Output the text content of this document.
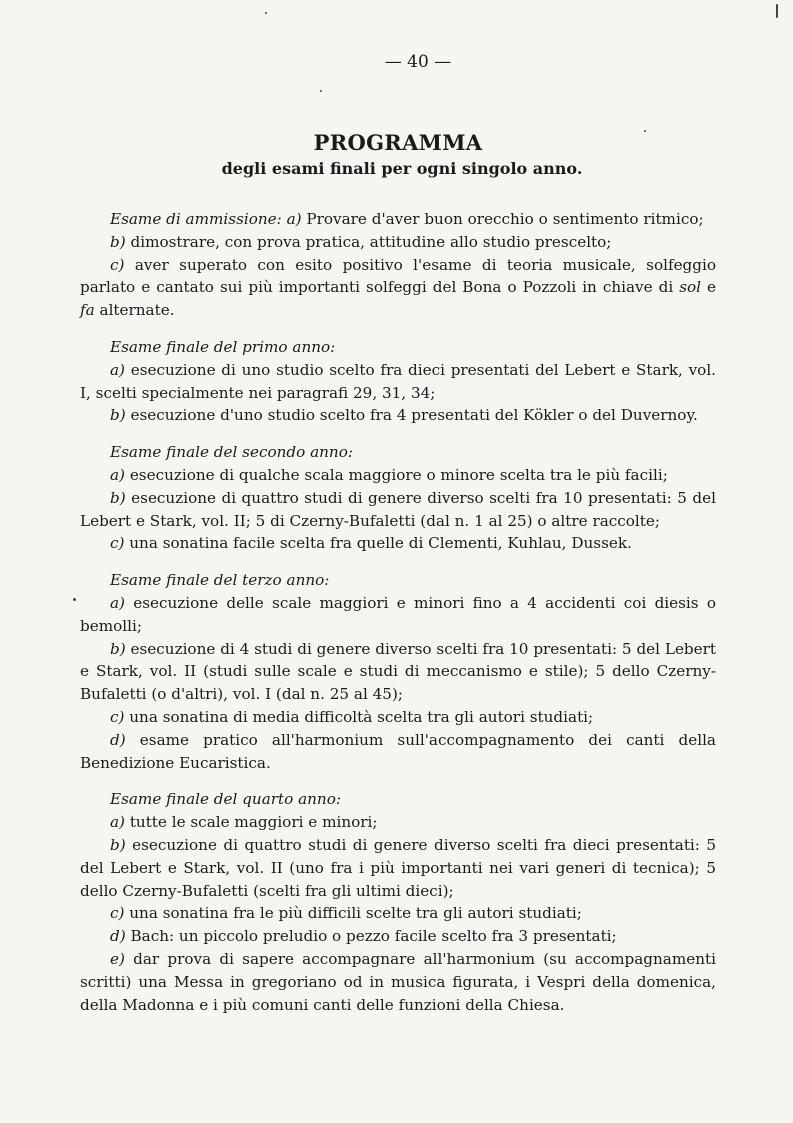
— 40 —
PROGRAMMA
degli esami finali per ogni singolo anno.

Esame di ammissione: a) Provare d'aver buon orecchio o sentimento ritmico;

b) dimostrare, con prova pratica, attitudine allo studio prescelto;

c) aver superato con esito positivo l'esame di teoria musicale, solfeggio parlato e cantato sui più importanti solfeggi del Bona o Pozzoli in chiave di sol e fa alternate.

Esame finale del primo anno:

a) esecuzione di uno studio scelto fra dieci presentati del Lebert e Stark, vol. I, scelti specialmente nei paragrafi 29, 31, 34;

b) esecuzione d'uno studio scelto fra 4 presentati del Kökler o del Duvernoy.

Esame finale del secondo anno:

a) esecuzione di qualche scala maggiore o minore scelta tra le più facili;

b) esecuzione di quattro studi di genere diverso scelti fra 10 presentati: 5 del Lebert e Stark, vol. II; 5 di Czerny-Bufaletti (dal n. 1 al 25) o altre raccolte;

c) una sonatina facile scelta fra quelle di Clementi, Kuhlau, Dussek.

Esame finale del terzo anno:

a) esecuzione delle scale maggiori e minori fino a 4 accidenti coi diesis o bemolli;

b) esecuzione di 4 studi di genere diverso scelti fra 10 presentati: 5 del Lebert e Stark, vol. II (studi sulle scale e studi di meccanismo e stile); 5 dello Czerny-Bufaletti (o d'altri), vol. I (dal n. 25 al 45);

c) una sonatina di media difficoltà scelta tra gli autori studiati;

d) esame pratico all'harmonium sull'accompagnamento dei canti della Benedizione Eucaristica.

Esame finale del quarto anno:

a) tutte le scale maggiori e minori;

b) esecuzione di quattro studi di genere diverso scelti fra dieci presentati: 5 del Lebert e Stark, vol. II (uno fra i più importanti nei vari generi di tecnica); 5 dello Czerny-Bufaletti (scelti fra gli ultimi dieci);

c) una sonatina fra le più difficili scelte tra gli autori studiati;

d) Bach: un piccolo preludio o pezzo facile scelto fra 3 presentati;

e) dar prova di sapere accompagnare all'harmonium (su accompagnamenti scritti) una Messa in gregoriano od in musica figurata, i Vespri della domenica, della Madonna e i più comuni canti delle funzioni della Chiesa.
